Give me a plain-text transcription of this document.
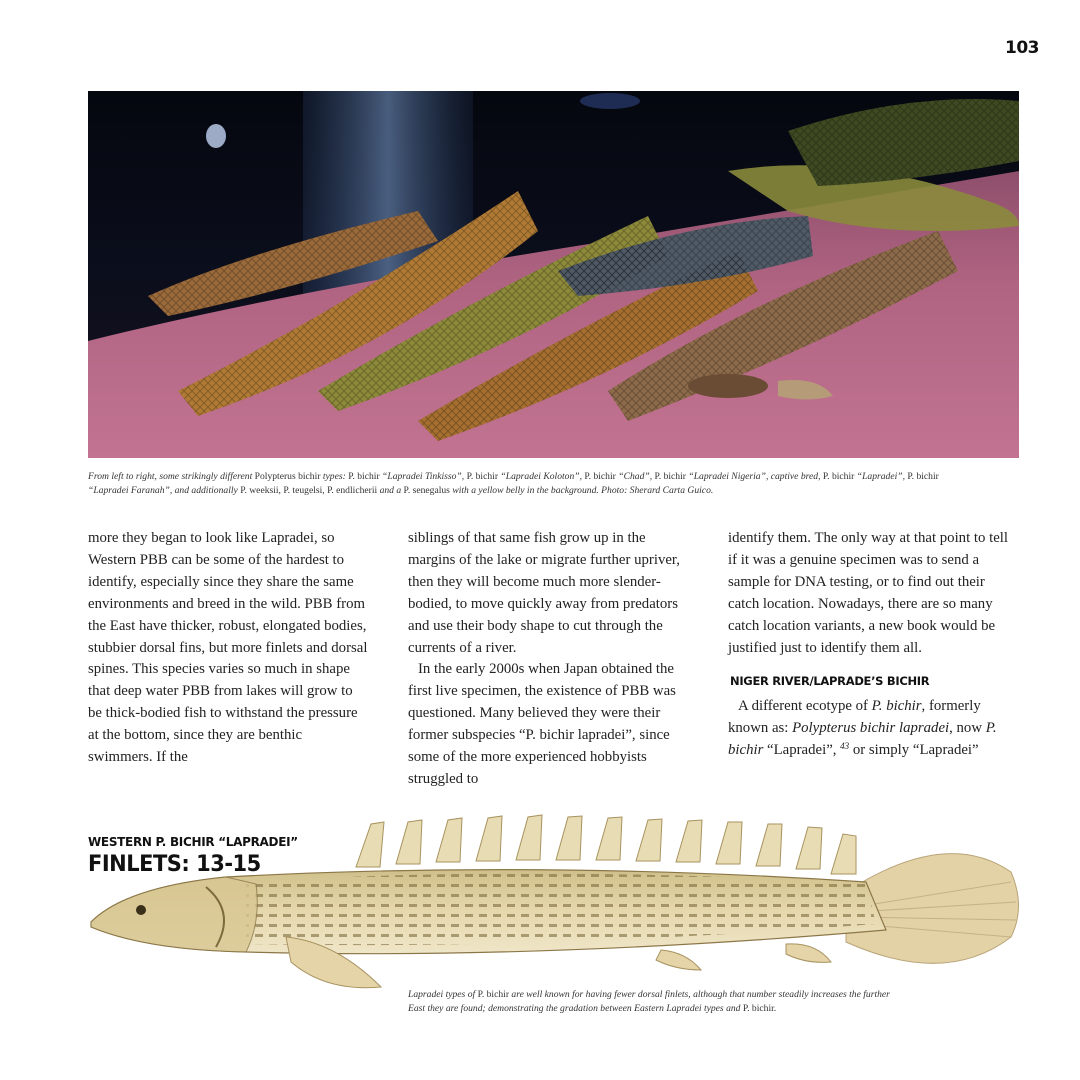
103
From left to right, some strikingly different Polypterus bichir types: P. bichir “Lapradei Tinkisso”, P. bichir “Lapradei Koloton”, P. bichir “Chad”, P. bichir “Lapradei Nigeria”, captive bred, P. bichir “Lapradei”, P. bichir “Lapradei Faranah”, and additionally P. weeksii, P. teugelsi, P. endlicherii and a P. senegalus with a yellow belly in the background. Photo: Sherard Carta Guico.

more they began to look like Lapradei, so Western PBB can be some of the hardest to identify, especially since they share the same environments and breed in the wild. PBB from the East have thicker, robust, elongated bodies, stubbier dorsal fins, but more finlets and dorsal spines. This species varies so much in shape that deep water PBB from lakes will grow to be thick-bodied fish to withstand the pressure at the bottom, since they are benthic swimmers. If the

siblings of that same fish grow up in the margins of the lake or migrate further upriver, then they will become much more slender-bodied, to move quickly away from predators and use their body shape to cut through the currents of a river.

In the early 2000s when Japan obtained the first live specimen, the existence of PBB was questioned. Many believed they were their former subspecies “P. bichir lapradei”, since some of the more experienced hobbyists struggled to

identify them. The only way at that point to tell if it was a genuine specimen was to send a sample for DNA testing, or to find out their catch location. Nowadays, there are so many catch location variants, a new book would be justified just to identify them all.

NIGER RIVER/LAPRADE’S BICHIR

A different ecotype of P. bichir, formerly known as: Polypterus bichir lapradei, now P. bichir “Lapradei”, $^{43}$ or simply “Lapradei”

WESTERN P. BICHIR “LAPRADEI”
FINLETS: 13-15
Lapradei types of P. bichir are well known for having fewer dorsal finlets, although that number steadily increases the further East they are found; demonstrating the gradation between Eastern Lapradei types and P. bichir.
